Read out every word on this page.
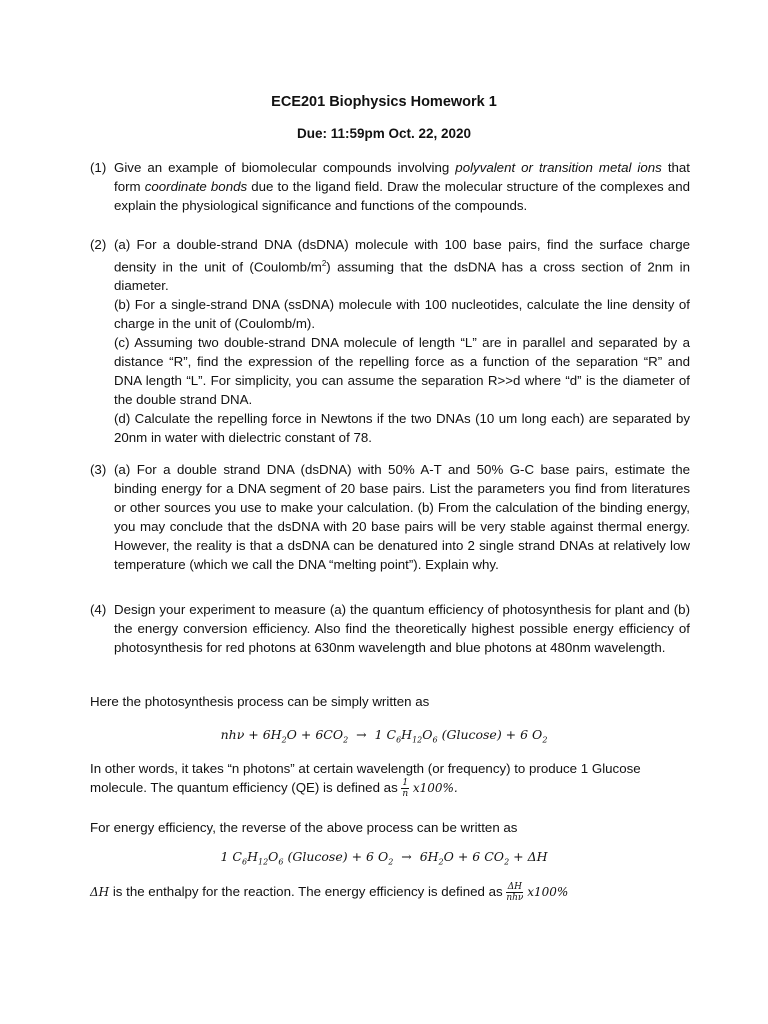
ECE201 Biophysics Homework 1
Due: 11:59pm Oct. 22, 2020
(1) Give an example of biomolecular compounds involving polyvalent or transition metal ions that form coordinate bonds due to the ligand field. Draw the molecular structure of the complexes and explain the physiological significance and functions of the compounds.

(2) (a) For a double-strand DNA (dsDNA) molecule with 100 base pairs, find the surface charge density in the unit of $(Coulomb/m^2)$ assuming that the dsDNA has a cross section of 2nm in diameter.

(b) For a single-strand DNA (ssDNA) molecule with 100 nucleotides, calculate the line density of charge in the unit of (Coulomb/m).

(c) Assuming two double-strand DNA molecule of length “L” are in parallel and separated by a distance “R”, find the expression of the repelling force as a function of the separation “R” and DNA length “L”. For simplicity, you can assume the separation R>>d where “d” is the diameter of the double strand DNA.

(d) Calculate the repelling force in Newtons if the two DNAs (10 um long each) are separated by 20nm in water with dielectric constant of 78.

(3) (a) For a double strand DNA (dsDNA) with 50% A-T and 50% G-C base pairs, estimate the binding energy for a DNA segment of 20 base pairs. List the parameters you find from literatures or other sources you use to make your calculation. (b) From the calculation of the binding energy, you may conclude that the dsDNA with 20 base pairs will be very stable against thermal energy. However, the reality is that a dsDNA can be denatured into 2 single strand DNAs at relatively low temperature (which we call the DNA “melting point”). Explain why.

(4) Design your experiment to measure (a) the quantum efficiency of photosynthesis for plant and (b) the energy conversion efficiency. Also find the theoretically highest possible energy efficiency of photosynthesis for red photons at 630nm wavelength and blue photons at 480nm wavelength.

Here the photosynthesis process can be simply written as
$nh\nu + 6H_2O + 6CO_2 \to 1$ $C_6H_{12}O_6$ (Glucose) + 6 $O_2$
In other words, it takes “n photons” at certain wavelength (or frequency) to produce 1 Glucose molecule. The quantum efficiency (QE) is defined as $\frac{1}{n} x100\%$.
For energy efficiency, the reverse of the above process can be written as
1 $C_6H_{12}O_6$ (Glucose) + 6 $O_2 \to 6H_2O + 6$ $CO_2 + \Delta H$
ΔH is the enthalpy for the reaction. The energy efficiency is defined as $\frac{\Delta H}{\text{nhν}} x100\%$
